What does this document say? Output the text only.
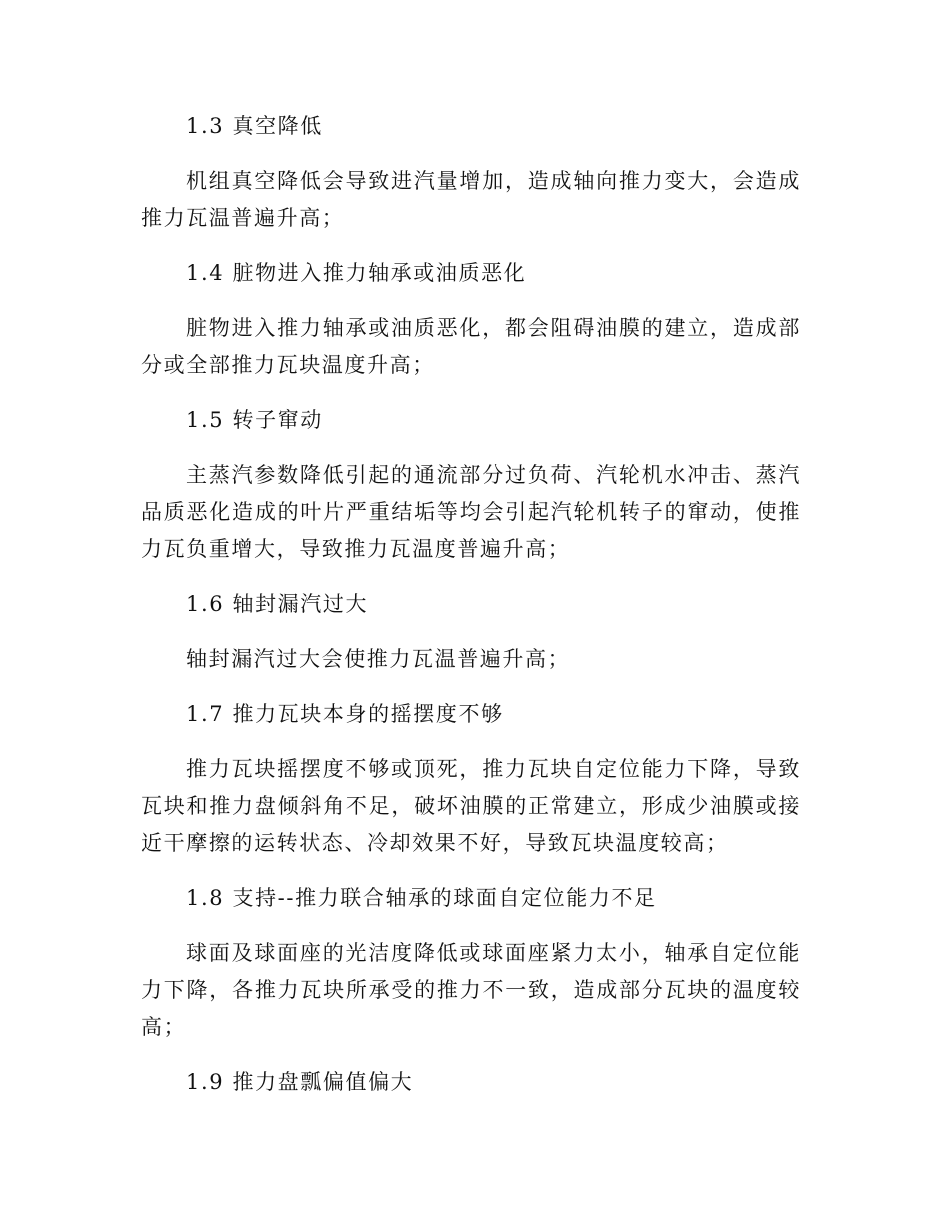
1.3 真空降低
机组真空降低会导致进汽量增加，造成轴向推力变大，会造成推力瓦温普遍升高；
1.4 脏物进入推力轴承或油质恶化
脏物进入推力轴承或油质恶化，都会阻碍油膜的建立，造成部分或全部推力瓦块温度升高；
1.5 转子窜动
主蒸汽参数降低引起的通流部分过负荷、汽轮机水冲击、蒸汽品质恶化造成的叶片严重结垢等均会引起汽轮机转子的窜动，使推力瓦负重增大，导致推力瓦温度普遍升高；
1.6 轴封漏汽过大
轴封漏汽过大会使推力瓦温普遍升高；
1.7 推力瓦块本身的摇摆度不够
推力瓦块摇摆度不够或顶死，推力瓦块自定位能力下降，导致瓦块和推力盘倾斜角不足，破坏油膜的正常建立，形成少油膜或接近干摩擦的运转状态、冷却效果不好，导致瓦块温度较高；
1.8 支持--推力联合轴承的球面自定位能力不足
球面及球面座的光洁度降低或球面座紧力太小，轴承自定位能力下降，各推力瓦块所承受的推力不一致，造成部分瓦块的温度较高；
1.9 推力盘瓢偏值偏大
